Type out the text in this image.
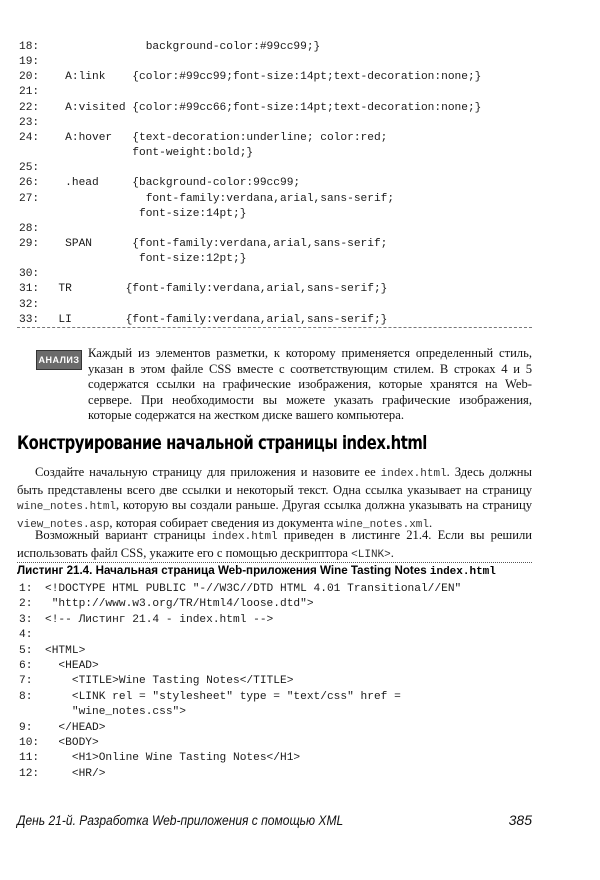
18:               background-color:#99cc99;}
19:
20:   A:link    {color:#99cc99;font-size:14pt;text-decoration:none;}
21:
22:   A:visited {color:#99cc66;font-size:14pt;text-decoration:none;}
23:
24:   A:hover   {text-decoration:underline; color:red;
font-weight:bold;}
25:
26:   .head     {background-color:99cc99;
27:               font-family:verdana,arial,sans-serif;
font-size:14pt;}
28:
29:   SPAN      {font-family:verdana,arial,sans-serif;
font-size:12pt;}
30:
31:  TR        {font-family:verdana,arial,sans-serif;}
32:
33:  LI        {font-family:verdana,arial,sans-serif;}
АНАЛИЗ Каждый из элементов разметки, к которому применяется определенный стиль, указан в этом файле CSS вместе с соответствующим стилем. В строках 4 и 5 содержатся ссылки на графические изображения, которые хранятся на Web-сервере. При необходимости вы можете указать графические изображения, которые содержатся на жестком диске вашего компьютера.
Конструирование начальной страницы index.html
Создайте начальную страницу для приложения и назовите ее index.html. Здесь должны быть представлены всего две ссылки и некоторый текст. Одна ссылка указывает на страницу wine_notes.html, которую вы создали раньше. Другая ссылка должна указывать на страницу view_notes.asp, которая собирает сведения из документа wine_notes.xml.
Возможный вариант страницы index.html приведен в листинге 21.4. Если вы решили использовать файл CSS, укажите его с помощью дескриптора <LINK>.
Листинг 21.4. Начальная страница Web-приложения Wine Tasting Notes index.html
1: <!DOCTYPE HTML PUBLIC "-//W3C//DTD HTML 4.01 Transitional//EN"
2: "http://www.w3.org/TR/Html4/loose.dtd">
3: <!-- Листинг 21.4 - index.html -->
4:
5: <HTML>
6:  <HEAD>
7:    <TITLE>Wine Tasting Notes</TITLE>
8:    <LINK rel = "stylesheet" type = "text/css" href =
"wine_notes.css">
9:  </HEAD>
10:  <BODY>
11:    <H1>Online Wine Tasting Notes</H1>
12:    <HR/>
День 21-й. Разработка Web-приложения с помощью XML	385
